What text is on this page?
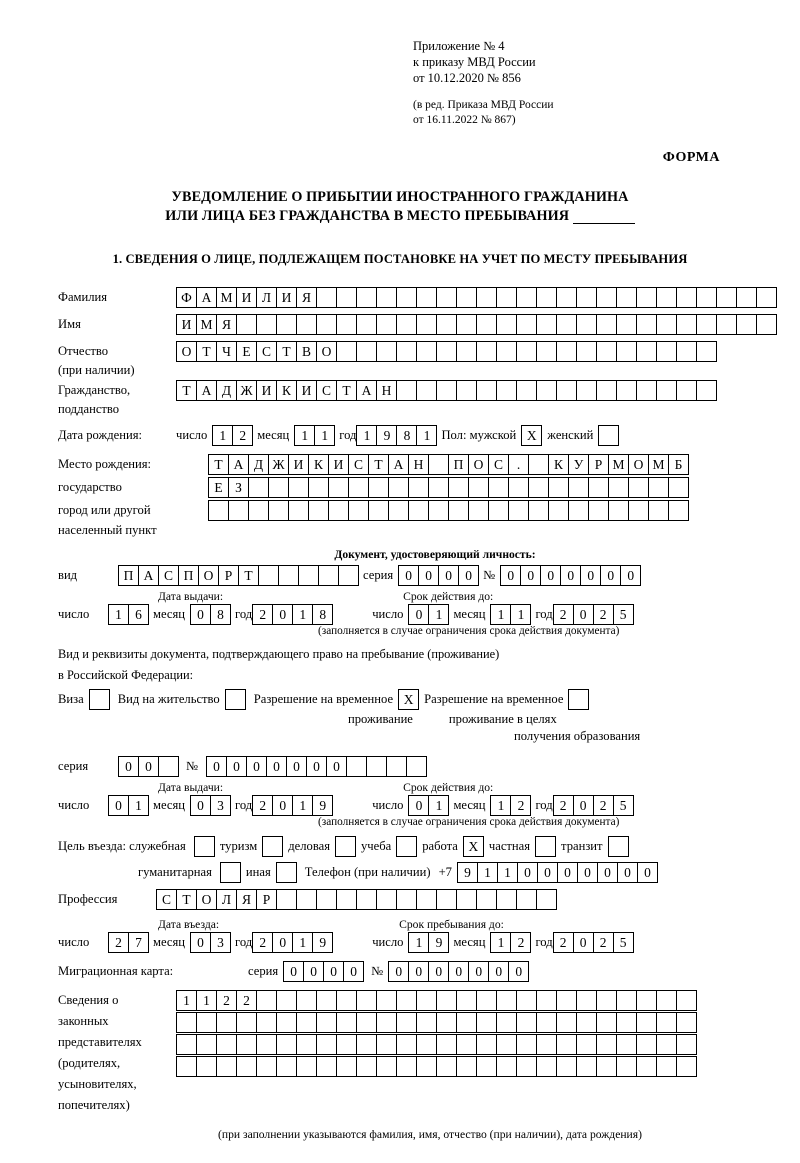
Приложение № 4
к приказу МВД России
от 10.12.2020 № 856
(в ред. Приказа МВД России
от 16.11.2022 № 867)
ФОРМА
УВЕДОМЛЕНИЕ О ПРИБЫТИИ ИНОСТРАННОГО ГРАЖДАНИНА
ИЛИ ЛИЦА БЕЗ ГРАЖДАНСТВА В МЕСТО ПРЕБЫВАНИЯ
1. СВЕДЕНИЯ О ЛИЦЕ, ПОДЛЕЖАЩЕМ ПОСТАНОВКЕ НА УЧЕТ ПО МЕСТУ ПРЕБЫВАНИЯ
Фамилия	Ф А М И Л И Я
Имя	И М Я
Отчество	О Т Ч Е С Т В О
(при наличии)
Гражданство,	Т А Д Ж И К И С Т А Н
подданство
Дата рождения:	число 1 2 месяц 1 1 год 1 9 8 1 Пол: мужской X женский
Место рождения:	Т А Д Ж И К И С Т А Н	П О С	.	К У Р М О М Б
государство	Е З
город или другой
населенный пункт
Документ, удостоверяющий личность:
вид	П А С П О Р Т	серия 0 0 0 0 № 0 0 0 0 0 0 0
Дата выдачи:	Срок действия до:
число	1 6 месяц 0 8 год 2 0 1 8	число 0 1 месяц 1 1 год 2 0 2 5
(заполняется в случае ограничения срока действия документа)
Вид и реквизиты документа, подтверждающего право на пребывание (проживание)
в Российской Федерации:
Виза	Вид на жительство	Разрешение на временное X Разрешение на временное
проживание	проживание в целях
получения образования
серия	0 0	№	0 0 0 0 0 0 0
Дата выдачи:	Срок действия до:
число	0 1 месяц 0 3 год 2 0 1 9	число 0 1 месяц 1 2 год 2 0 2 5
(заполняется в случае ограничения срока действия документа)
Цель въезда: служебная	туризм деловая учеба работа X частная транзит
гуманитарная	иная	Телефон (при наличии) +7 9 1 1 0 0 0 0 0 0 0
Профессия	С Т О Л Я Р
Дата въезда:	Срок пребывания до:
число	2 7 месяц 0 3 год 2 0 1 9	число 1 9 месяц 1 2 год 2 0 2 5
Миграционная карта:	серия 0 0 0 0	№ 0 0 0 0 0 0 0
Сведения о
законных
представителях
(родителях,
усыновителях,
попечителях)
1 1 2 2
(при заполнении указываются фамилия, имя, отчество (при наличии), дата рождения)
